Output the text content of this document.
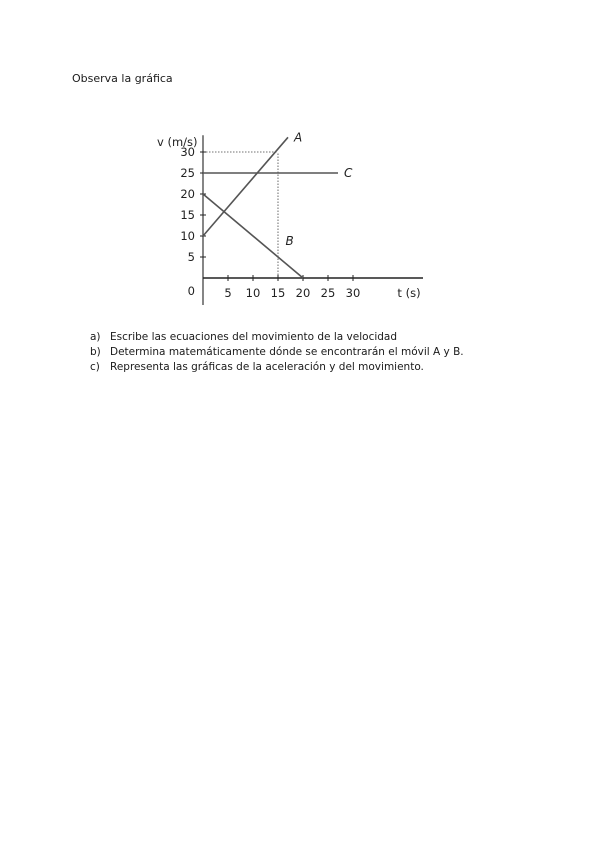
Observa la gráfica

5
10
15
20
25
30
5 10 15 20 25 30
0
v (m/s)
t (s)
A
B
C
a) Escribe las ecuaciones del movimiento de la velocidad
b) Determina matemáticamente dónde se encontrarán el móvil A y B.
c) Representa las gráficas de la aceleración y del movimiento.
